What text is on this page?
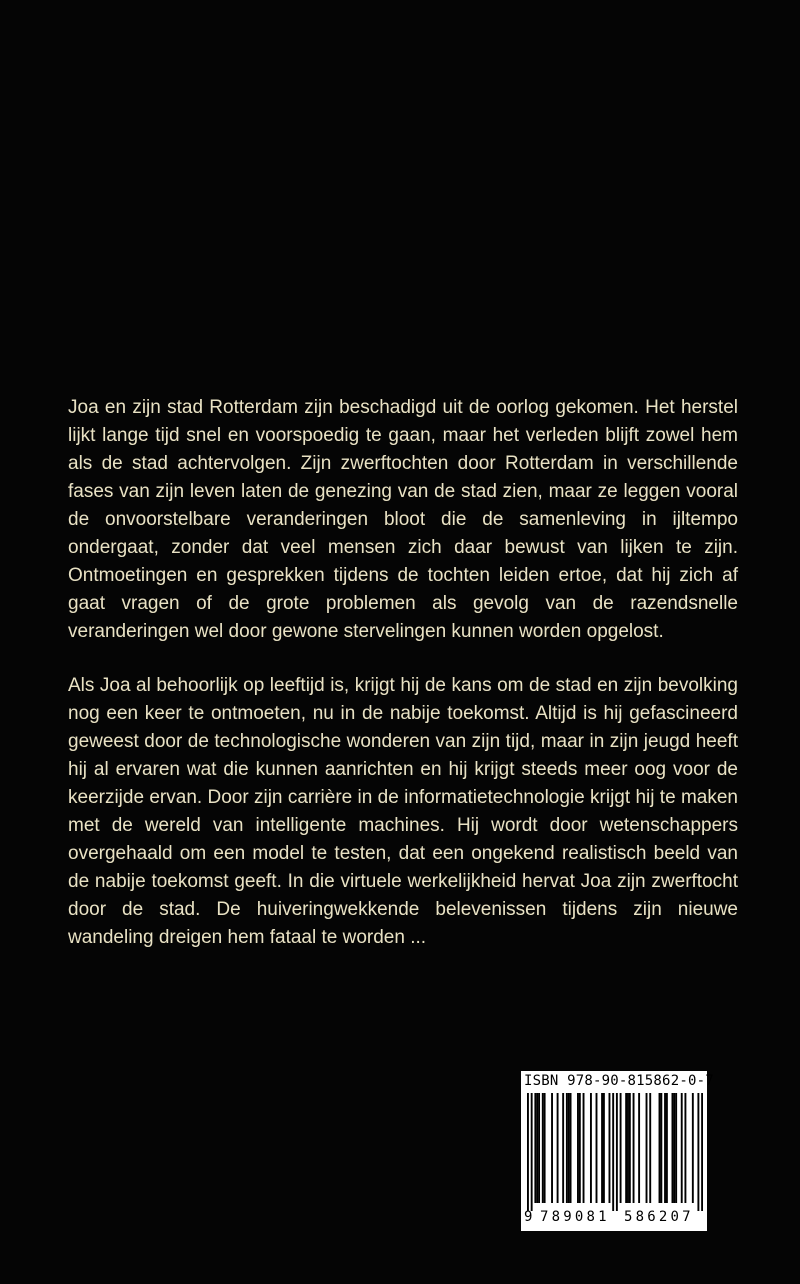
Joa en zijn stad Rotterdam zijn beschadigd uit de oorlog gekomen. Het herstel lijkt lange tijd snel en voorspoedig te gaan, maar het verleden blijft zowel hem als de stad achtervolgen. Zijn zwerftochten door Rotterdam in verschillende fases van zijn leven laten de genezing van de stad zien, maar ze leggen vooral de onvoorstelbare veranderingen bloot die de samenleving in ijltempo ondergaat, zonder dat veel mensen zich daar bewust van lijken te zijn. Ontmoetingen en gesprekken tijdens de tochten leiden ertoe, dat hij zich af gaat vragen of de grote problemen als gevolg van de razendsnelle veranderingen wel door gewone stervelingen kunnen worden opgelost.

Als Joa al behoorlijk op leeftijd is, krijgt hij de kans om de stad en zijn bevolking nog een keer te ontmoeten, nu in de nabije toekomst. Altijd is hij gefascineerd geweest door de technologische wonderen van zijn tijd, maar in zijn jeugd heeft hij al ervaren wat die kunnen aanrichten en hij krijgt steeds meer oog voor de keerzijde ervan. Door zijn carrière in de informatietechnologie krijgt hij te maken met de wereld van intelligente machines. Hij wordt door wetenschappers overgehaald om een model te testen, dat een ongekend realistisch beeld van de nabije toekomst geeft. In die virtuele werkelijkheid hervat Joa zijn zwerftocht door de stad. De huiveringwekkende belevenissen tijdens zijn nieuwe wandeling dreigen hem fataal te worden ...

ISBN 978-90-815862-0-7
9 789081 586207
